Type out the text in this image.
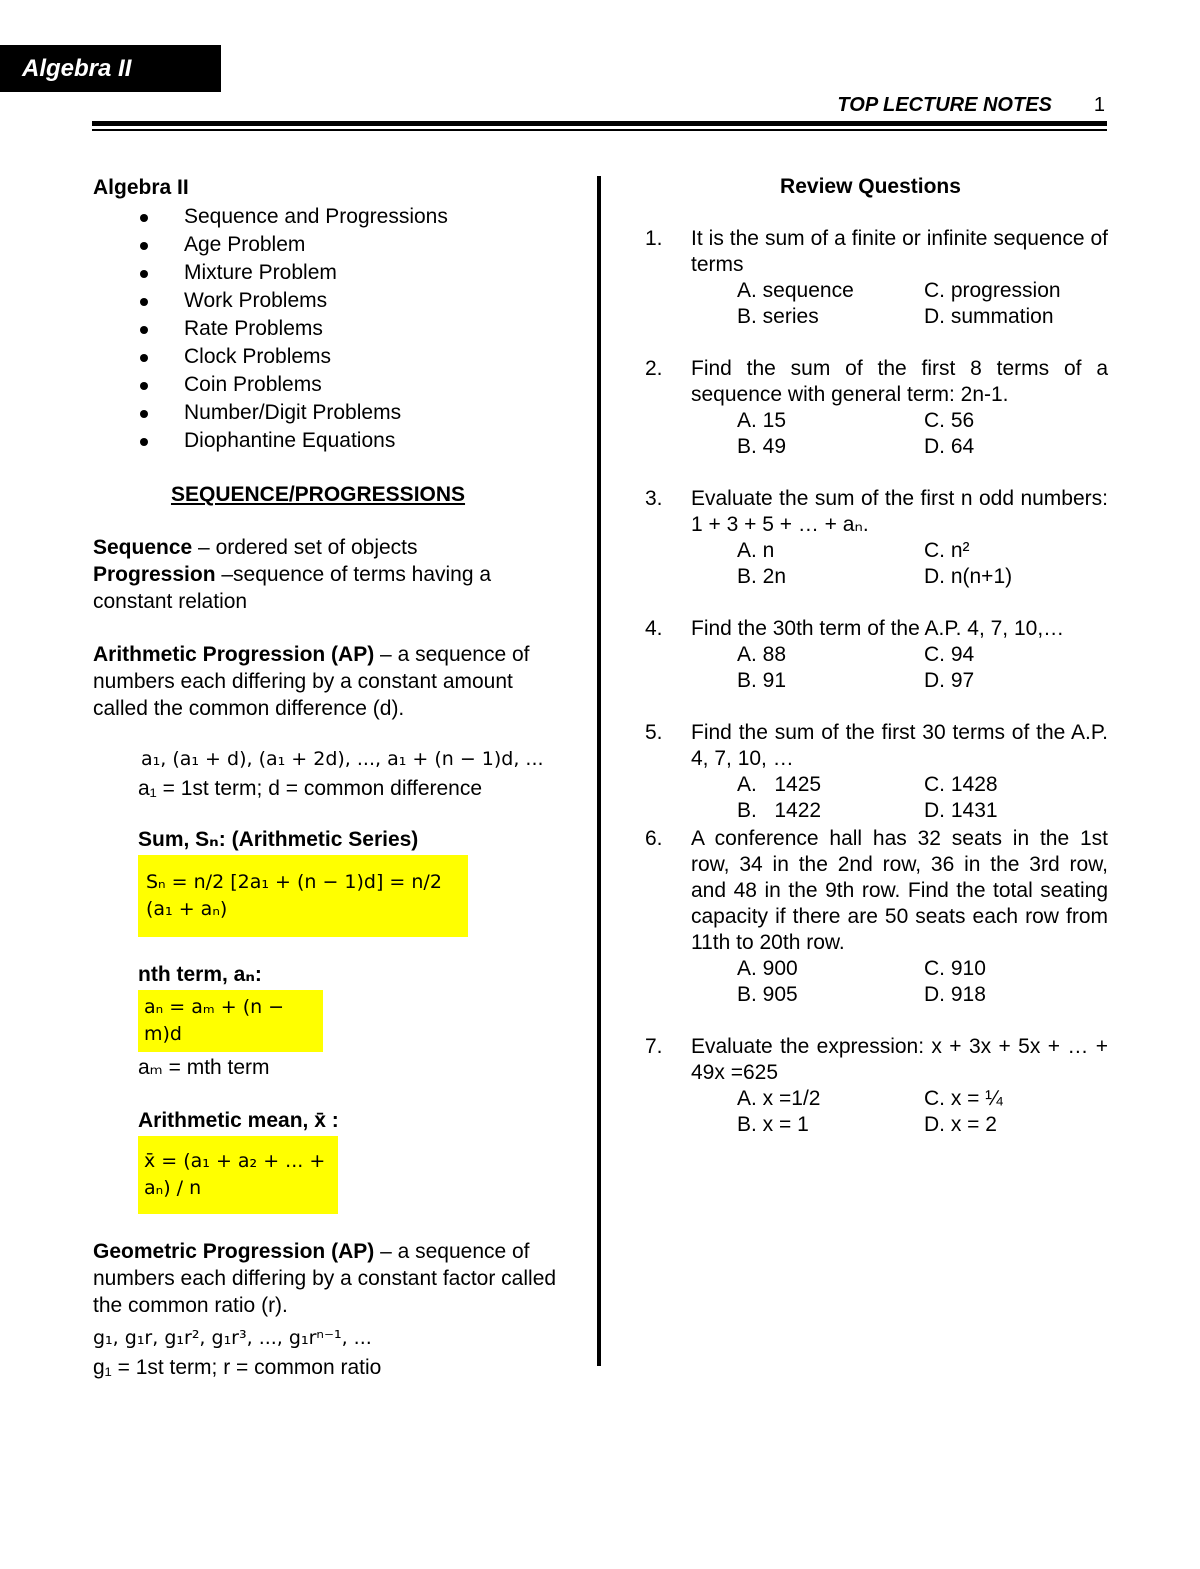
Algebra II
TOP LECTURE NOTES 1
Algebra II
Sequence and Progressions
Age Problem
Mixture Problem
Work Problems
Rate Problems
Clock Problems
Coin Problems
Number/Digit Problems
Diophantine Equations
SEQUENCE/PROGRESSIONS
Sequence – ordered set of objects
Progression –sequence of terms having a constant relation
Arithmetic Progression (AP) – a sequence of numbers each differing by a constant amount called the common difference (d).
a₁, (a₁ + d), (a₁ + 2d), ..., a₁ + (n − 1)d, ...
a₁ = 1st term; d = common difference
Sum, Sₙ: (Arithmetic Series)
Sₙ = n/2 [2a₁ + (n − 1)d] = n/2 (a₁ + aₙ)
nth term, aₙ:
aₙ = aₘ + (n − m)d
aₘ = mth term
Arithmetic mean, x̄ :
x̄ = (a₁ + a₂ + ... + aₙ) / n
Geometric Progression (AP) – a sequence of numbers each differing by a constant factor called the common ratio (r).
g₁, g₁r, g₁r², g₁r³, ..., g₁rⁿ⁻¹, ...
g₁ = 1st term; r = common ratio
Review Questions
1. It is the sum of a finite or infinite sequence of terms
A. sequence	C. progression
B. series	D. summation
2. Find the sum of the first 8 terms of a sequence with general term: 2n-1.
A. 15	C. 56
B. 49	D. 64
3. Evaluate the sum of the first n odd numbers: 1 + 3 + 5 + … + aₙ.
A. n	C. n²
B. 2n	D. n(n+1)
4. Find the 30th term of the A.P. 4, 7, 10,…
A. 88	C. 94
B. 91	D. 97
5. Find the sum of the first 30 terms of the A.P. 4, 7, 10, …
A.   1425	C. 1428
B.   1422	D. 1431
6. A conference hall has 32 seats in the 1st row, 34 in the 2nd row, 36 in the 3rd row, and 48 in the 9th row. Find the total seating capacity if there are 50 seats each row from 11th to 20th row.
A. 900	C. 910
B. 905	D. 918
7. Evaluate the expression: x + 3x + 5x + … + 49x =625
A. x =1/2	C. x = ¼
B. x = 1	D. x = 2
